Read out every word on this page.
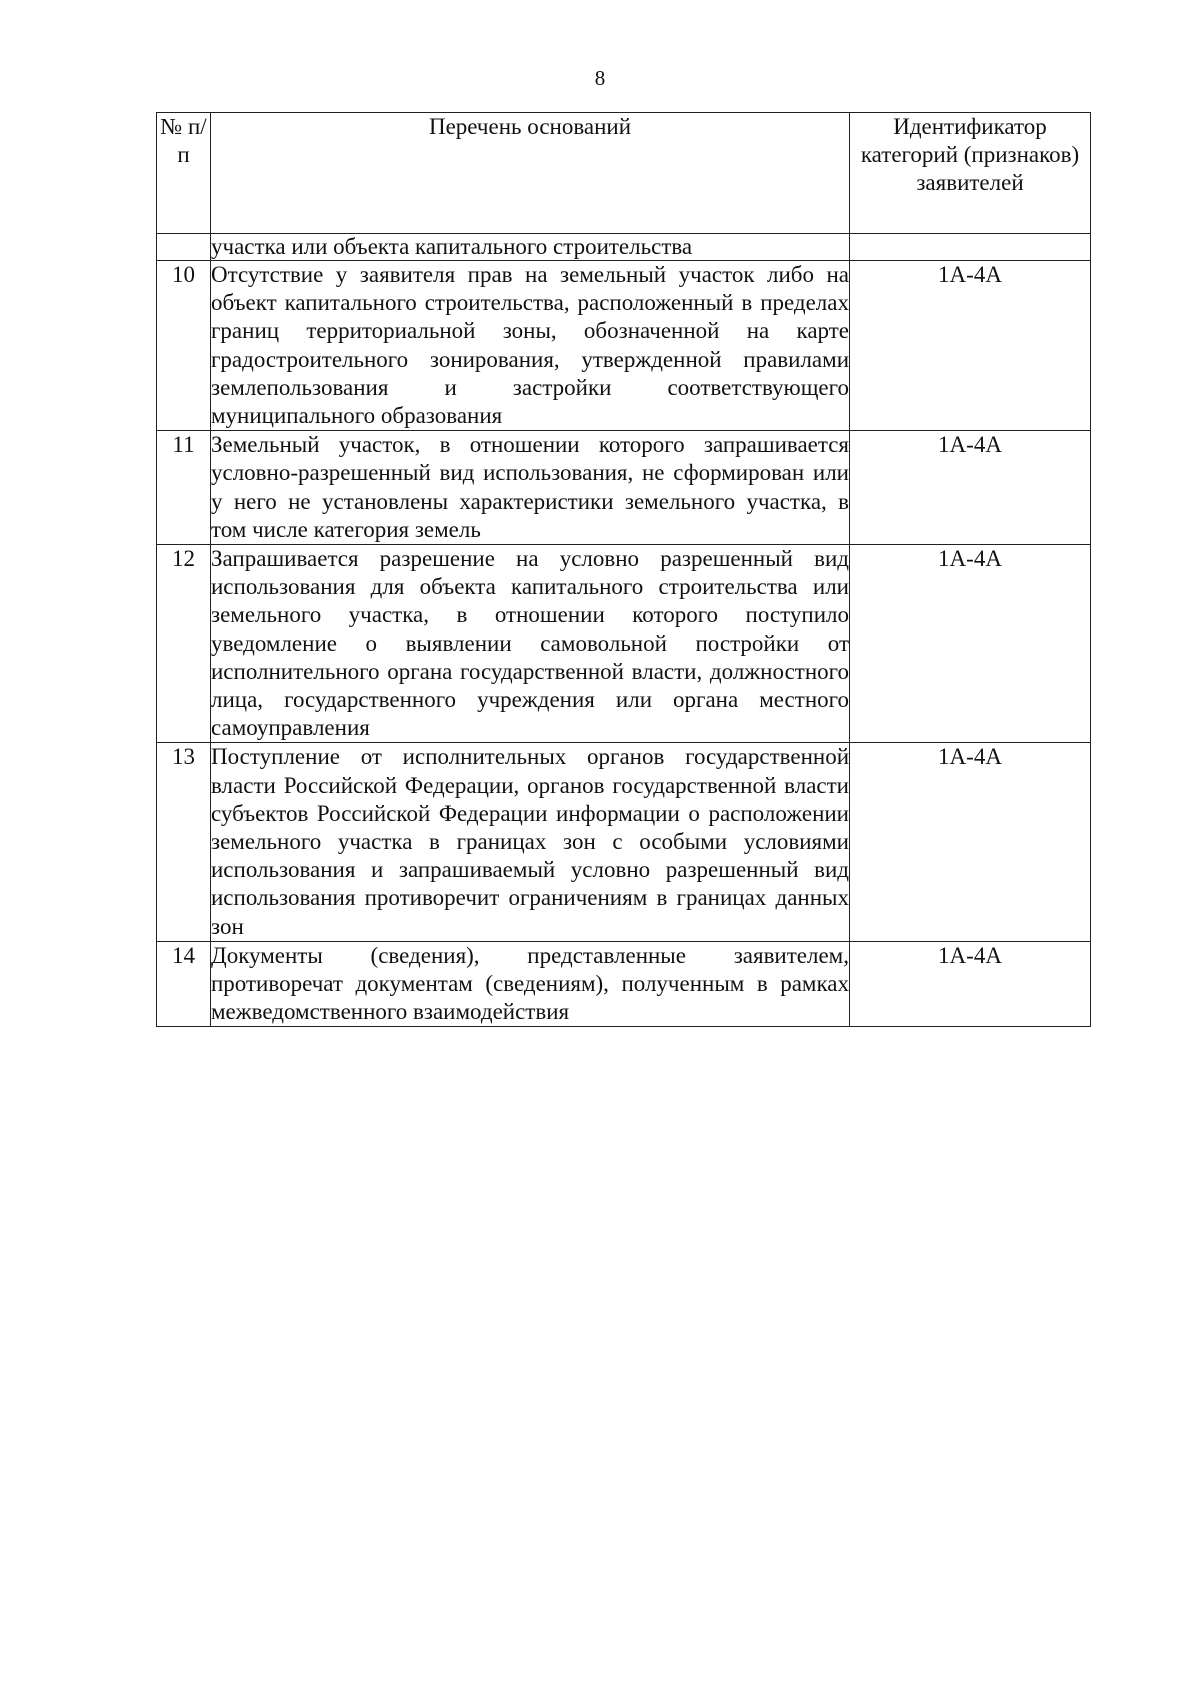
8
№ п/п	Перечень оснований	Идентификатор категорий (признаков) заявителей
	участка или объекта капитального строительства	
10	Отсутствие у заявителя прав на земельный участок либо на объект капитального строительства, расположенный в пределах границ территориальной зоны, обозначенной на карте градостроительного зонирования, утвержденной правилами землепользования и застройки соответствующего муниципального образования	1А-4А
11	Земельный участок, в отношении которого запрашивается условно-разрешенный вид использования, не сформирован или у него не установлены характеристики земельного участка, в том числе категория земель	1А-4А
12	Запрашивается разрешение на условно разрешенный вид использования для объекта капитального строительства или земельного участка, в отношении которого поступило уведомление о выявлении самовольной постройки от исполнительного органа государственной власти, должностного лица, государственного учреждения или органа местного самоуправления	1А-4А
13	Поступление от исполнительных органов государственной власти Российской Федерации, органов государственной власти субъектов Российской Федерации информации о расположении земельного участка в границах зон с особыми условиями использования и запрашиваемый условно разрешенный вид использования противоречит ограничениям в границах данных зон	1А-4А
14	Документы (сведения), представленные заявителем, противоречат документам (сведениям), полученным в рамках межведомственного взаимодействия	1А-4А
